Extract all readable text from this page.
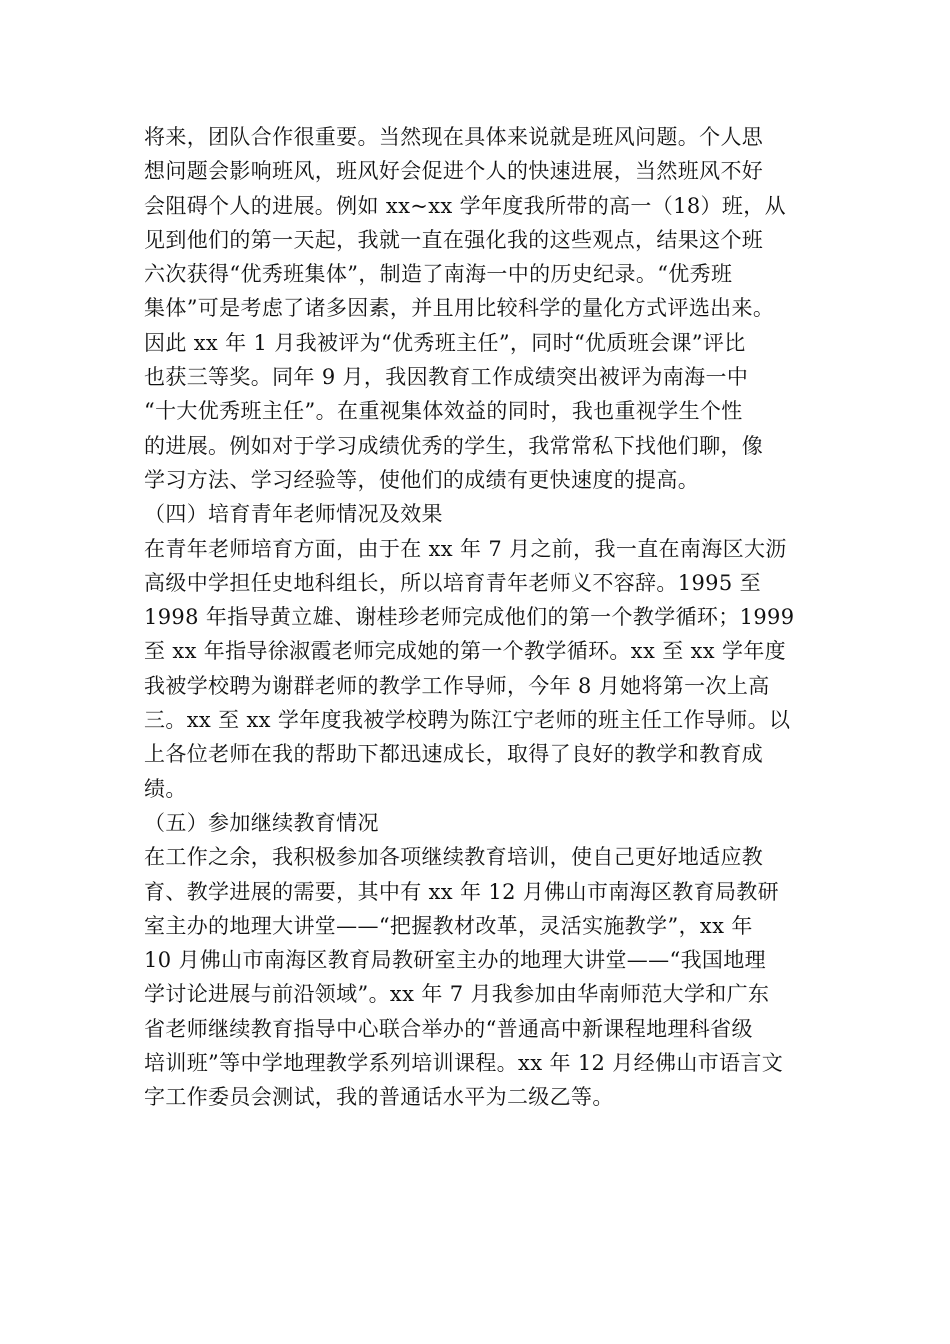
将来，团队合作很重要。当然现在具体来说就是班风问题。个人思
想问题会影响班风，班风好会促进个人的快速进展，当然班风不好
会阻碍个人的进展。例如 xx~xx 学年度我所带的高一（18）班，从
见到他们的第一天起，我就一直在强化我的这些观点，结果这个班
六次获得“优秀班集体”，制造了南海一中的历史纪录。“优秀班
集体”可是考虑了诸多因素，并且用比较科学的量化方式评选出来。
因此 xx 年 1 月我被评为“优秀班主任”，同时“优质班会课”评比
也获三等奖。同年 9 月，我因教育工作成绩突出被评为南海一中
“十大优秀班主任”。在重视集体效益的同时，我也重视学生个性
的进展。例如对于学习成绩优秀的学生，我常常私下找他们聊，像
学习方法、学习经验等，使他们的成绩有更快速度的提高。
（四）培育青年老师情况及效果
在青年老师培育方面，由于在 xx 年 7 月之前，我一直在南海区大沥
高级中学担任史地科组长，所以培育青年老师义不容辞。1995 至
1998 年指导黄立雄、谢桂珍老师完成他们的第一个教学循环；1999
至 xx 年指导徐淑霞老师完成她的第一个教学循环。xx 至 xx 学年度
我被学校聘为谢群老师的教学工作导师，今年 8 月她将第一次上高
三。xx 至 xx 学年度我被学校聘为陈江宁老师的班主任工作导师。以
上各位老师在我的帮助下都迅速成长，取得了良好的教学和教育成
绩。
（五）参加继续教育情况
在工作之余，我积极参加各项继续教育培训，使自己更好地适应教
育、教学进展的需要，其中有 xx 年 12 月佛山市南海区教育局教研
室主办的地理大讲堂——“把握教材改革，灵活实施教学”，xx 年
10 月佛山市南海区教育局教研室主办的地理大讲堂——“我国地理
学讨论进展与前沿领域”。xx 年 7 月我参加由华南师范大学和广东
省老师继续教育指导中心联合举办的“普通高中新课程地理科省级
培训班”等中学地理教学系列培训课程。xx 年 12 月经佛山市语言文
字工作委员会测试，我的普通话水平为二级乙等。
